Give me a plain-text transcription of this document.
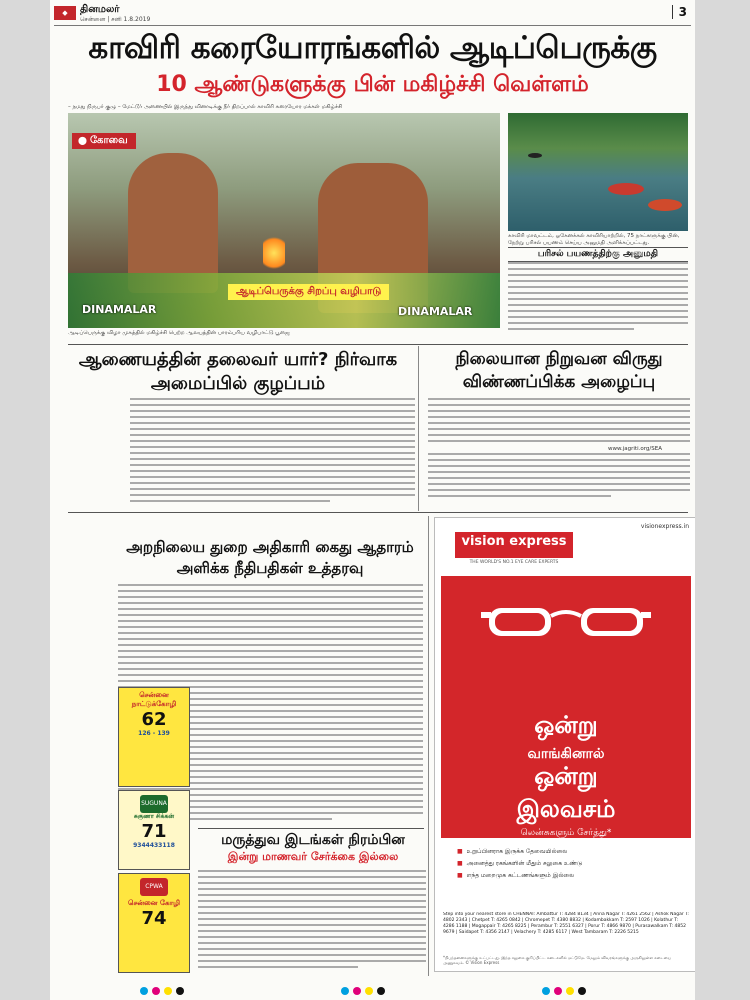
◆	தினமலர்
சென்னை | சனி 1.8.2019
3
காவிரி கரையோரங்களில் ஆடிப்பெருக்கு
10 ஆண்டுகளுக்கு பின் மகிழ்ச்சி வெள்ளம்
– நமது நிருபர் குழு – மேட்டூர் அணையில் இருந்து வினாடிக்கு நீர் திறப்பால் காவிரி கரையோர மக்கள் மகிழ்ச்சி
⬤ கோவை
ஆடிப்பெருக்கு சிறப்பு வழிபாடு
DINAMALAR	DINAMALAR
ஆடிப்பெருக்கு விழா முகத்தில் மகிழ்ச்சி பெற்ற ஆலயத்தின் பாரம்பரிய வழிபாட்டு பூஜை
காவிரி மாவட்டம், ஓகேனக்கல் காவிரியாற்றில், 75 நாட்களுக்கு பின், நேற்று பரிசல் பயணம் செய்ய அனுமதி அளிக்கப்பட்டது.
பரிசல் பயணத்திற்கு அனுமதி
ஆணையத்தின் தலைவர் யார்? நிர்வாக அமைப்பில் குழப்பம்
நிலையான நிறுவன விருது விண்ணப்பிக்க அழைப்பு
www.jagriti.org/SEA
அறநிலைய துறை அதிகாரி கைது ஆதாரம் அளிக்க நீதிபதிகள் உத்தரவு
சென்னை நாட்டுக்கோழி
62
126 - 139
SUGUNA
சுகுணா சிக்கன்
71
9344433118
CPWA
சென்னை கோழி
74
மருத்துவ இடங்கள் நிரம்பின
இன்று மாணவர் சேர்க்கை இல்லை
visionexpress.in
vision express
THE WORLD'S NO.1 EYE CARE EXPERTS
ஒன்று
வாங்கினால்
ஒன்று
இலவசம்
லென்சுகளும் சேர்த்து*
■ உறுப்பினராக இருக்க தேவையில்லை
■ அனைத்து ரகங்களின் மீதும் சலுகை உண்டு
■ எந்த மறைமுக கட்டணங்களும் இல்லை
Step into your nearest store in CHENNAI: Ambattur T: 4284 8134 | Anna Nagar T: 4261 2562 | Ashok Nagar T: 4802 2343 | Chetpet T: 4265 0842 | Chromepet T: 4380 8832 | Kodambakkam T: 2597 1026 | Kolathur T: 4286 1188 | Mogappair T: 4265 8225 | Perambur T: 2551 6327 | Porur T: 4866 9870 | Purasawalkam T: 4852 9679 | Saidapet T: 4356 2147 | Velachery T: 4285 6117 | West Tambaram T: 2226 5215
*நிபந்தனைகளுக்கு உட்பட்டது. இந்த சலுகை குறிப்பிட்ட கடைகளில் மட்டுமே. மேலும் விவரங்களுக்கு அருகிலுள்ள கடையை அணுகவும். © Vision Express
